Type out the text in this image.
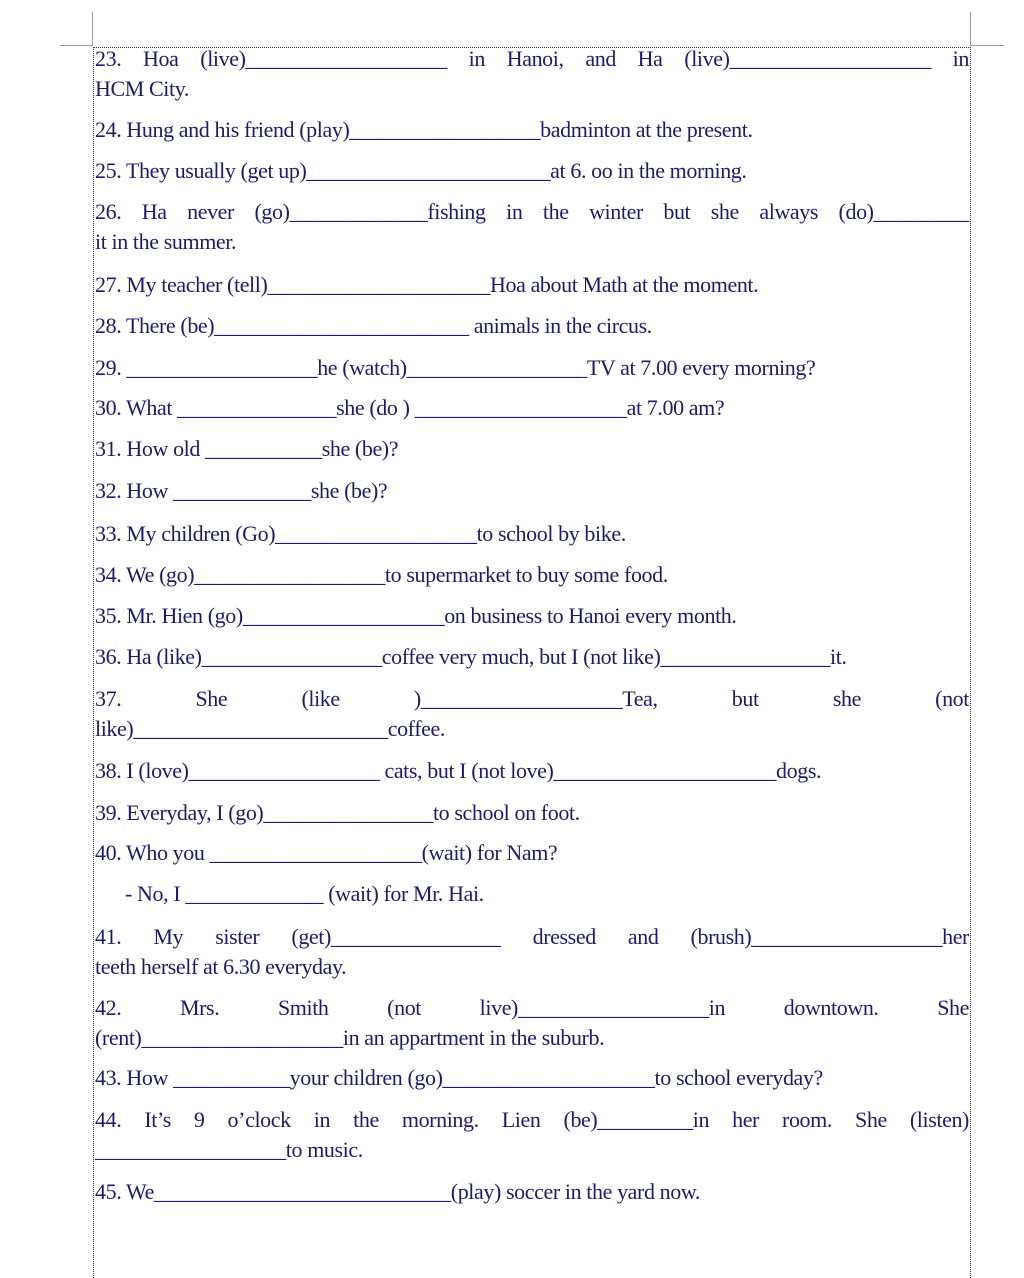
23. Hoa (live)___________________ in Hanoi, and Ha (live)___________________ in
HCM City.
24. Hung and his friend (play)__________________badminton at the present.
25. They usually (get up)_______________________at 6. oo in the morning.
26. Ha never (go)_____________fishing in the winter but she always (do)_________
it in the summer.
27. My teacher (tell)_____________________Hoa about Math at the moment.
28. There (be)________________________ animals in the circus.
29. __________________he (watch)_________________TV at 7.00 every morning?
30. What _______________she (do ) ____________________at 7.00 am?
31. How old ___________she (be)?
32. How _____________she (be)?
33. My children (Go)___________________to school by bike.
34. We (go)__________________to supermarket to buy some food.
35. Mr. Hien (go)___________________on business to Hanoi every month.
36. Ha (like)_________________coffee very much, but I (not like)________________it.
37. She (like )___________________Tea, but she (not
like)________________________coffee.
38. I (love)__________________ cats, but I (not love)_____________________dogs.
39. Everyday, I (go)________________to school on foot.
40. Who you ____________________(wait) for Nam?
- No, I _____________ (wait) for Mr. Hai.
41. My sister (get)________________ dressed and (brush)__________________her
teeth herself at 6.30 everyday.
42. Mrs. Smith (not live)__________________in downtown. She
(rent)___________________in an appartment in the suburb.
43. How ___________your children (go)____________________to school everyday?
44. It’s 9 o’clock in the morning. Lien (be)_________in her room. She (listen)
__________________to music.
45. We____________________________(play) soccer in the yard now.
